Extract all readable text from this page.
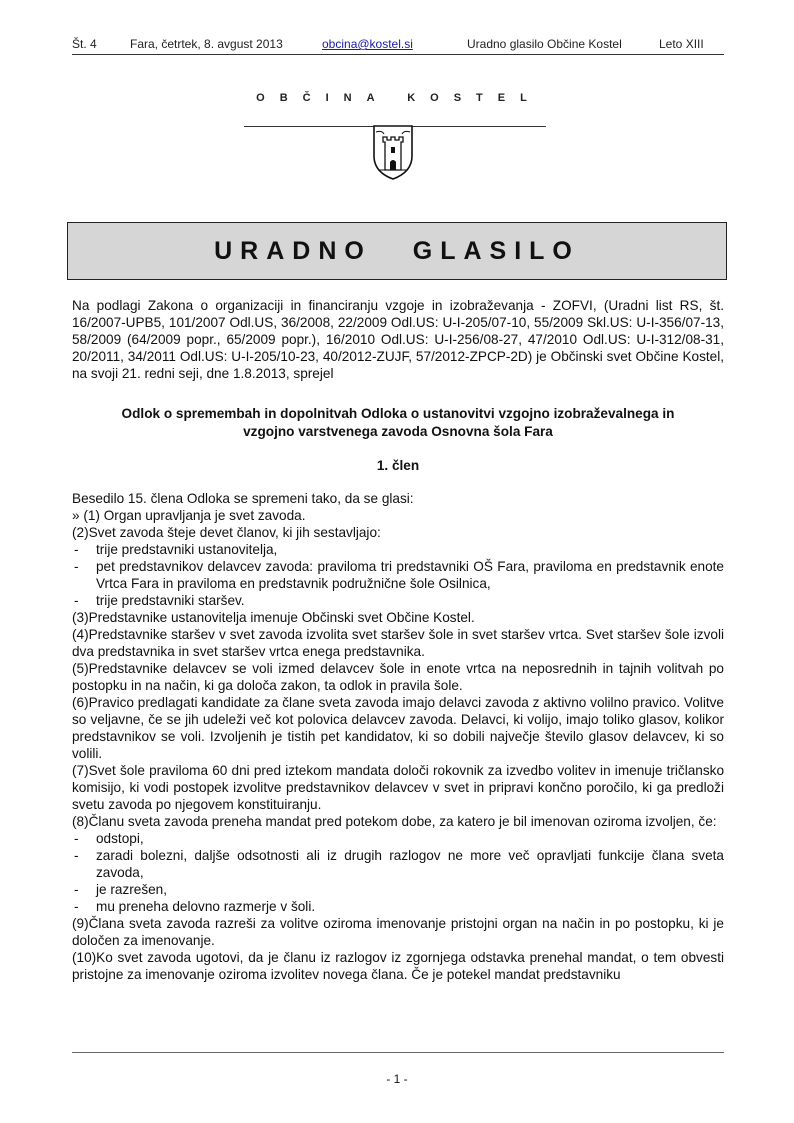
Št. 4	Fara, četrtek, 8. avgust 2013	obcina@kostel.si	Uradno glasilo Občine Kostel	Leto XIII
OBČINA KOSTEL
URADNO GLASILO
Na podlagi Zakona o organizaciji in financiranju vzgoje in izobraževanja - ZOFVI, (Uradni list RS, št. 16/2007-UPB5, 101/2007 Odl.US, 36/2008, 22/2009 Odl.US: U-I-205/07-10, 55/2009 Skl.US: U-I-356/07-13, 58/2009 (64/2009 popr., 65/2009 popr.), 16/2010 Odl.US: U-I-256/08-27, 47/2010 Odl.US: U-I-312/08-31, 20/2011, 34/2011 Odl.US: U-I-205/10-23, 40/2012-ZUJF, 57/2012-ZPCP-2D) je Občinski svet Občine Kostel, na svoji 21. redni seji, dne 1.8.2013, sprejel
Odlok o spremembah in dopolnitvah Odloka o ustanovitvi vzgojno izobraževalnega in
vzgojno varstvenega zavoda Osnovna šola Fara
1. člen

Besedilo 15. člena Odloka se spremeni tako, da se glasi:

» (1) Organ upravljanja je svet zavoda.

(2)Svet zavoda šteje devet članov, ki jih sestavljajo:

- trije predstavniki ustanovitelja,
- pet predstavnikov delavcev zavoda: praviloma tri predstavniki OŠ Fara, praviloma en predstavnik enote Vrtca Fara in praviloma en predstavnik podružnične šole Osilnica,
- trije predstavniki staršev.

(3)Predstavnike ustanovitelja imenuje Občinski svet Občine Kostel.

(4)Predstavnike staršev v svet zavoda izvolita svet staršev šole in svet staršev vrtca. Svet staršev šole izvoli dva predstavnika in svet staršev vrtca enega predstavnika.

(5)Predstavnike delavcev se voli izmed delavcev šole in enote vrtca na neposrednih in tajnih volitvah po postopku in na način, ki ga določa zakon, ta odlok in pravila šole.

(6)Pravico predlagati kandidate za člane sveta zavoda imajo delavci zavoda z aktivno volilno pravico. Volitve so veljavne, če se jih udeleži več kot polovica delavcev zavoda. Delavci, ki volijo, imajo toliko glasov, kolikor predstavnikov se voli. Izvoljenih je tistih pet kandidatov, ki so dobili največje število glasov delavcev, ki so volili.

(7)Svet šole praviloma 60 dni pred iztekom mandata določi rokovnik za izvedbo volitev in imenuje tričlansko komisijo, ki vodi postopek izvolitve predstavnikov delavcev v svet in pripravi končno poročilo, ki ga predloži svetu zavoda po njegovem konstituiranju.

(8)Članu sveta zavoda preneha mandat pred potekom dobe, za katero je bil imenovan oziroma izvoljen, če:

- odstopi,
- zaradi bolezni, daljše odsotnosti ali iz drugih razlogov ne more več opravljati funkcije člana sveta zavoda,
- je razrešen,
- mu preneha delovno razmerje v šoli.

(9)Člana sveta zavoda razreši za volitve oziroma imenovanje pristojni organ na način in po postopku, ki je določen za imenovanje.

(10)Ko svet zavoda ugotovi, da je članu iz razlogov iz zgornjega odstavka prenehal mandat, o tem obvesti pristojne za imenovanje oziroma izvolitev novega člana. Če je potekel mandat predstavniku

- 1 -
